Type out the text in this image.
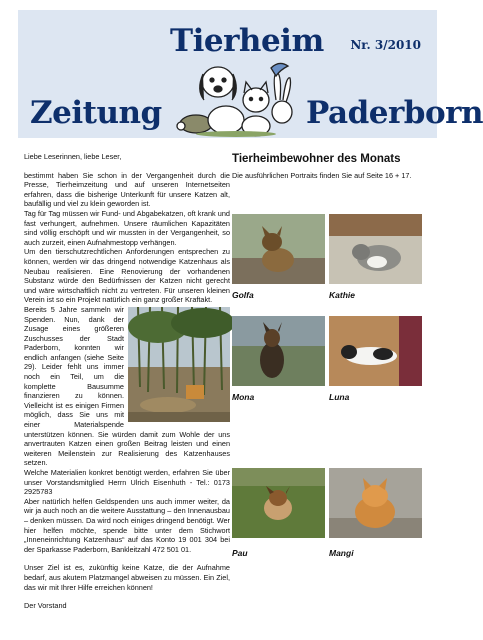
Tierheim Nr. 3/2010
Zeitung	Paderborn

Liebe Leserinnen, liebe Leser,

bestimmt haben Sie schon in der Vergangenheit durch die Presse, Tierheimzeitung und auf unseren Internetseiten erfahren, dass die bisherige Unterkunft für unsere Katzen alt, baufällig und viel zu klein geworden ist.

Tag für Tag müssen wir Fund- und Abgabekatzen, oft krank und fast verhungert, aufnehmen. Unsere räumlichen Kapazitäten sind völlig erschöpft und wir mussten in der Vergangenheit, so auch zurzeit, einen Aufnahmestopp verhängen.

Um den tierschutzrechtlichen Anforderungen entsprechen zu können, werden wir das dringend notwendige Katzenhaus als Neubau realisieren. Eine Renovierung der vorhandenen Substanz würde den Bedürfnissen der Katzen nicht gerecht und wäre wirtschaftlich nicht zu vertreten. Für unseren kleinen Verein ist so ein Projekt natürlich ein ganz großer Kraftakt.

Bereits 5 Jahre sammeln wir Spenden. Nun, dank der Zusage eines größeren Zuschusses der Stadt Paderborn, konnten wir endlich anfangen (siehe Seite 29). Leider fehlt uns immer noch ein Teil, um die komplette Bausumme finanzieren zu können. Vielleicht ist es einigen Firmen möglich, dass Sie uns mit einer Materialspende unterstützen können. Sie würden damit zum Wohle der uns anvertrauten Katzen einen großen Beitrag leisten und einen weiteren Meilenstein zur Realisierung des Katzenhauses setzen.

Welche Materialien konkret benötigt werden, erfahren Sie über unser Vorstandsmitglied Herrn Ulrich Eisenhuth - Tel.: 0173 2925783

Aber natürlich helfen Geldspenden uns auch immer weiter, da wir ja auch noch an die weitere Ausstattung – den Innenausbau – denken müssen. Da wird noch einiges dringend benötigt. Wer hier helfen möchte, spende bitte unter dem Stichwort „Inneneinrichtung Katzenhaus“ auf das Konto 19 001 304 bei der Sparkasse Paderborn, Bankleitzahl 472 501 01.

Unser Ziel ist es, zukünftig keine Katze, die der Aufnahme bedarf, aus akutem Platzmangel abweisen zu müssen. Ein Ziel, das wir mit Ihrer Hilfe erreichen können!

Der Vorstand

Tierheimbewohner des Monats
Die ausführlichen Portraits finden Sie auf Seite 16 + 17.
Golfa	Kathie
Mona	Luna
Pau	Mangi
